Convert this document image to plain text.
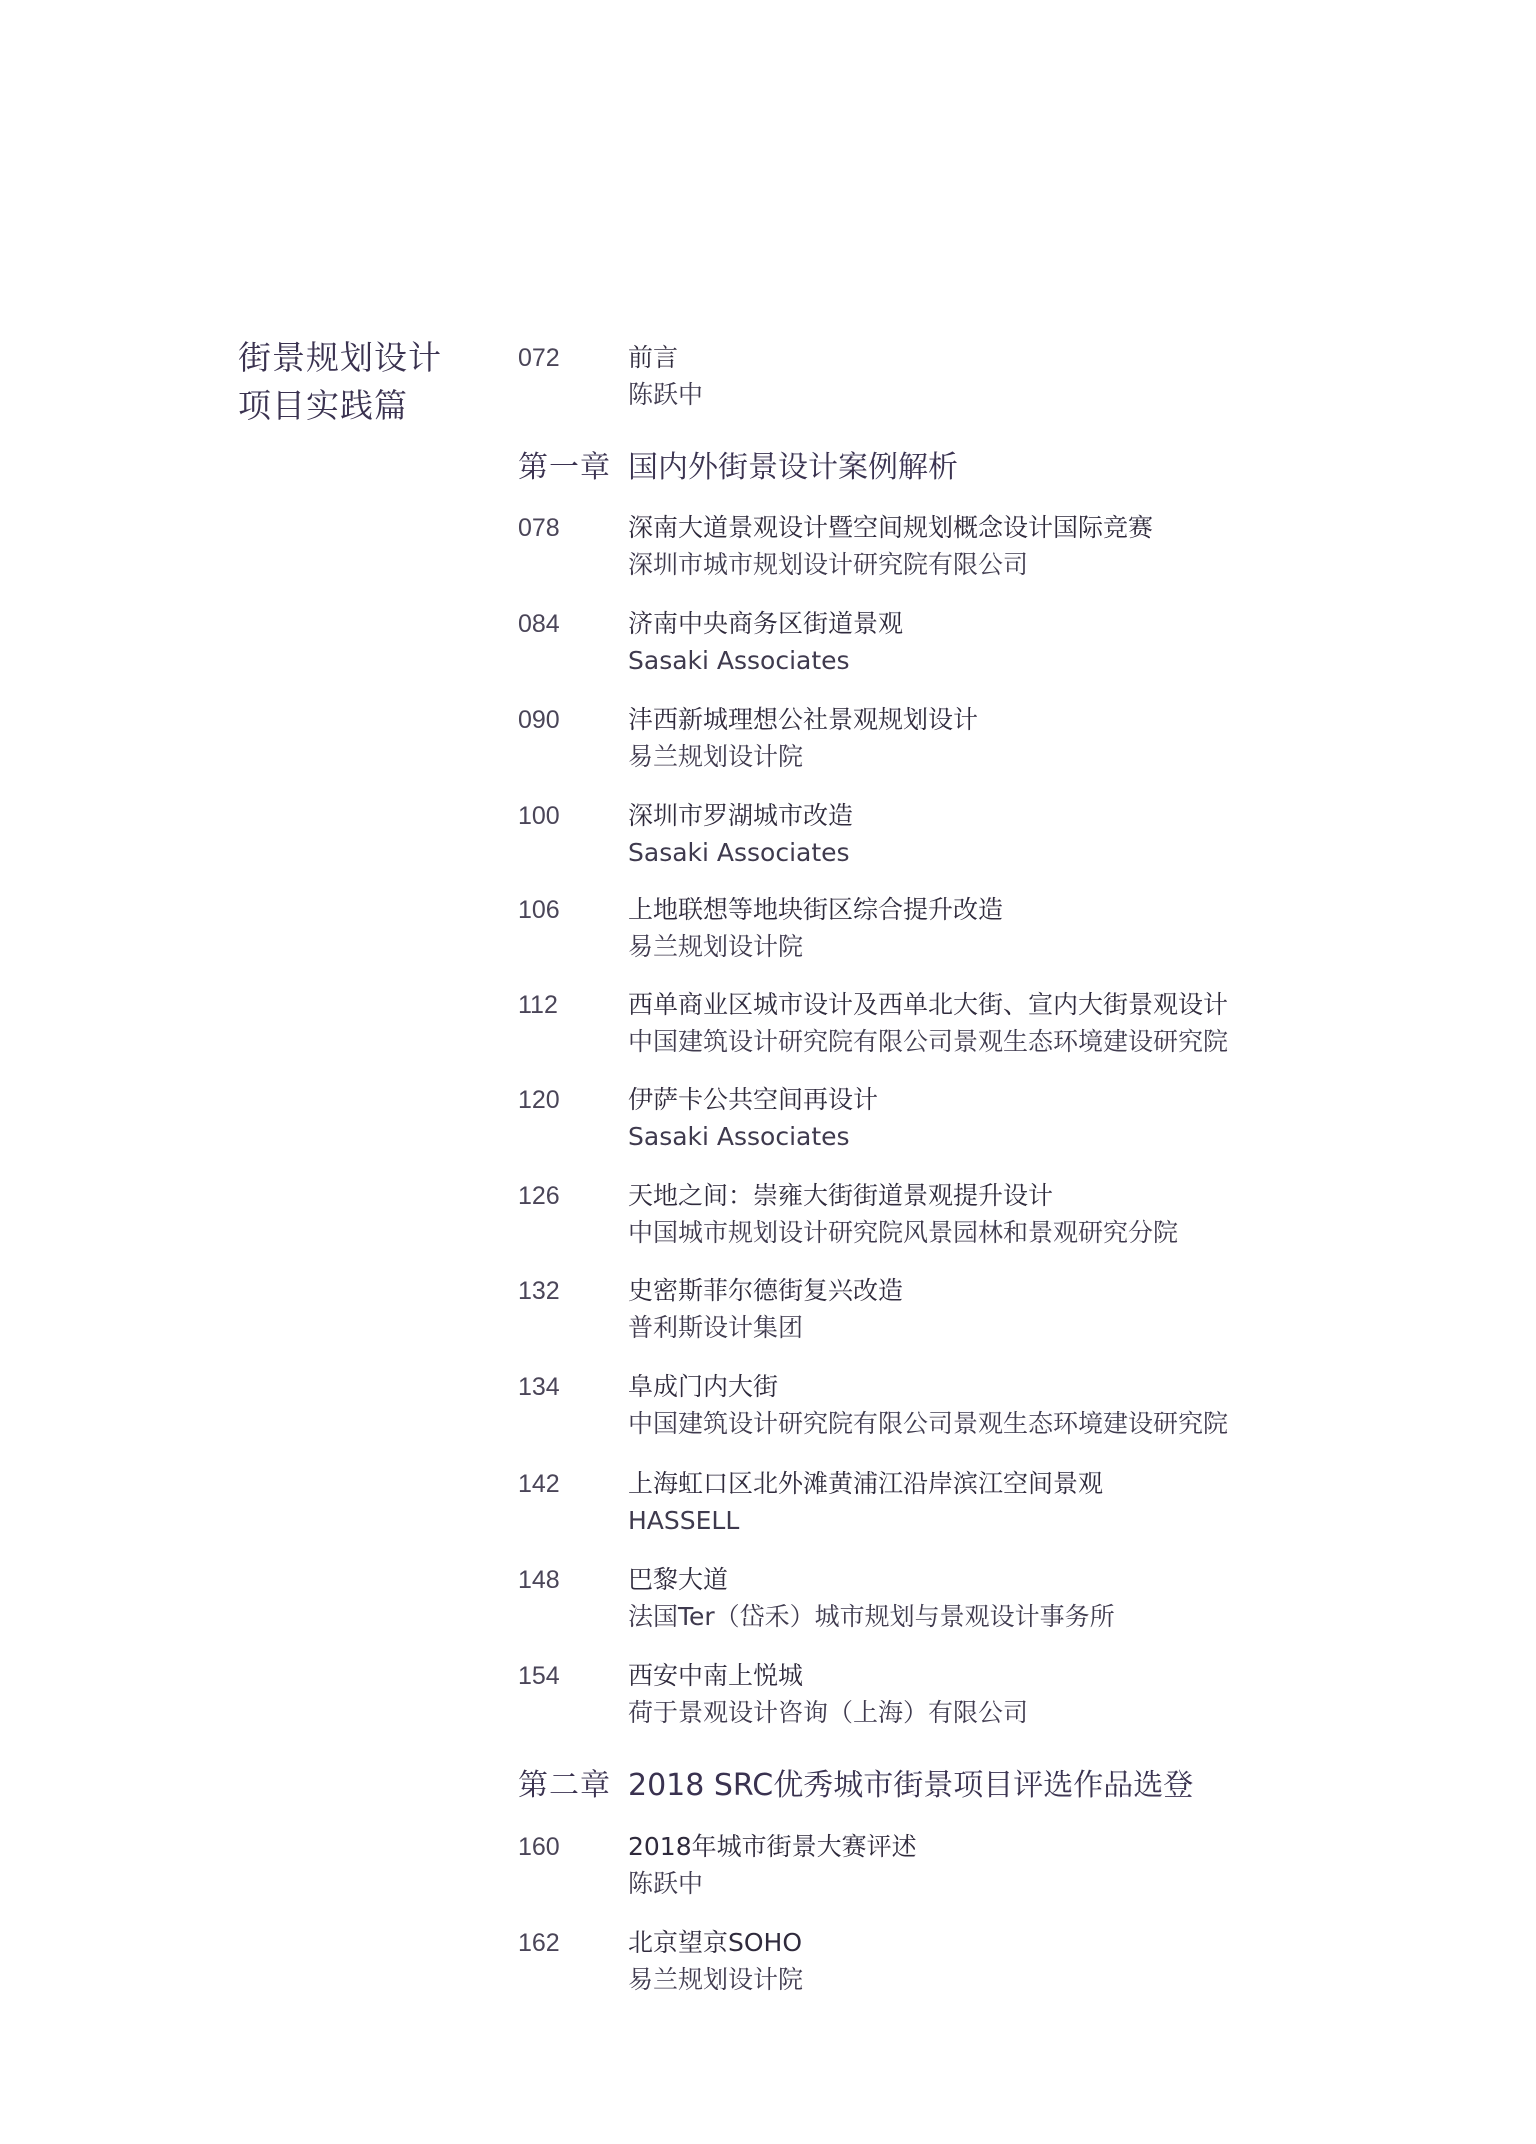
街景规划设计
项目实践篇
072	前言
陈跃中
第一章 国内外街景设计案例解析
078	深南大道景观设计暨空间规划概念设计国际竞赛
深圳市城市规划设计研究院有限公司
084	济南中央商务区街道景观
Sasaki Associates
090	沣西新城理想公社景观规划设计
易兰规划设计院
100	深圳市罗湖城市改造
Sasaki Associates
106	上地联想等地块街区综合提升改造
易兰规划设计院
112	西单商业区城市设计及西单北大街、宣内大街景观设计
中国建筑设计研究院有限公司景观生态环境建设研究院
120	伊萨卡公共空间再设计
Sasaki Associates
126	天地之间：崇雍大街街道景观提升设计
中国城市规划设计研究院风景园林和景观研究分院
132	史密斯菲尔德街复兴改造
普利斯设计集团
134	阜成门内大街
中国建筑设计研究院有限公司景观生态环境建设研究院
142	上海虹口区北外滩黄浦江沿岸滨江空间景观
HASSELL
148	巴黎大道
法国Ter（岱禾）城市规划与景观设计事务所
154	西安中南上悦城
荷于景观设计咨询（上海）有限公司
第二章 2018 SRC优秀城市街景项目评选作品选登
160	2018年城市街景大赛评述
陈跃中
162	北京望京SOHO
易兰规划设计院
